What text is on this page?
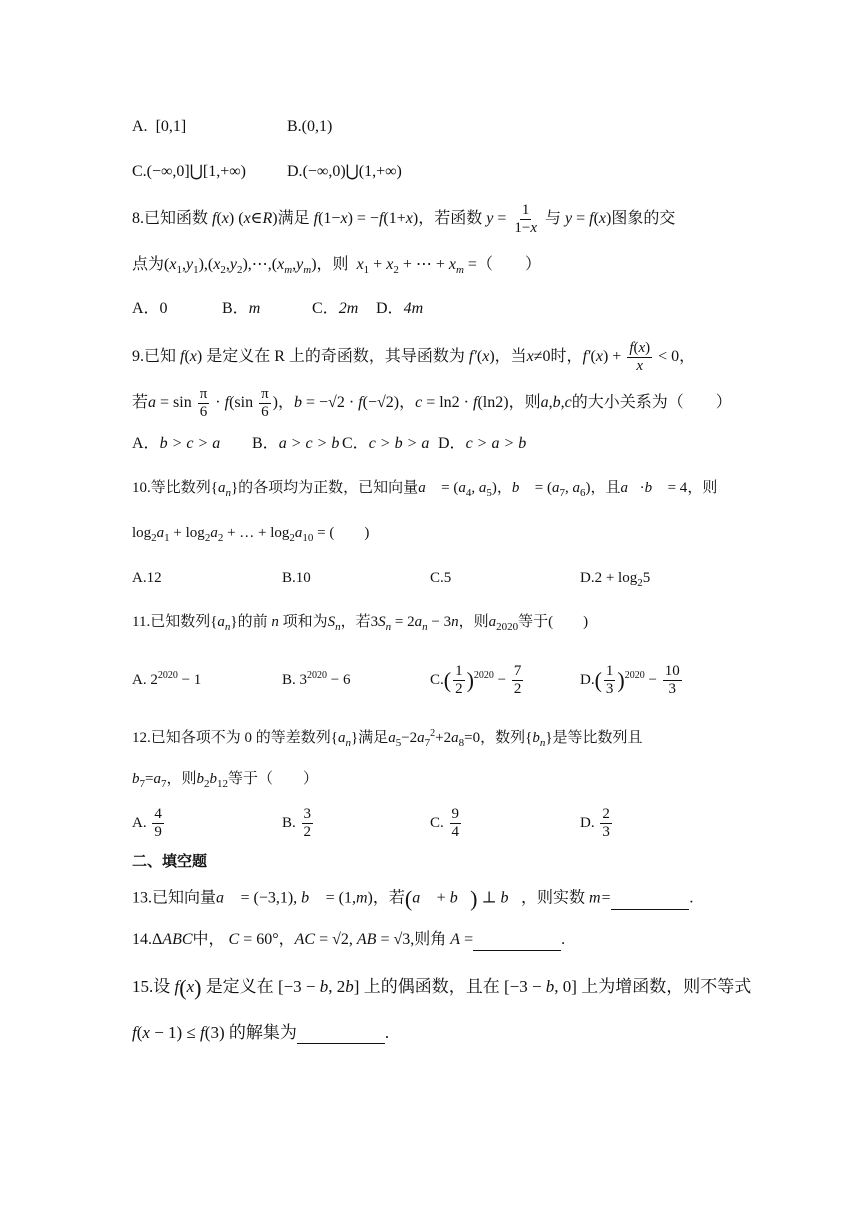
A. [0,1]	B.(0,1)
C.(−∞,0]⋃[1,+∞)	D.(−∞,0)⋃(1,+∞)
8.已知函数 f(x) (x∈R)满足 f(1−x) = −f(1+x)，若函数 $y = \frac{1}{1-x}$ 与 y = f(x)图象的交
点为$(x_1,y_1),(x_2,y_2),\cdots,(x_m,y_m)$，则 $x_1 + x_2$ + ⋯ + $x_m$ =（　　）
A．0	B．m	C．2m D．4m
9.已知 f(x) 是定义在 R 上的奇函数，其导函数为 f′(x)，当x≠0时，$f'(x) + \frac{f(x)}{x} < 0$，
若$a = \sin \frac{\pi}{6} \cdot f(\sin \frac{\pi}{6}$ )，b = −√2 · f(−√2)，c = ln2 · f(ln2)，则a,b,c的大小关系为（　　）
A．b > c > a B．a > c > b C．c > b > a D．c > a > b
10.等比数列$\{a_n\}$的各项均为正数，已知向量a⃗ = ($a_4$, $a_5$)，b⃗ = ($a_7$, $a_6$)，且a⃗·b⃗ = 4，则
$\log_2a_1 + \log_2a_2$ + … + $\log_2a_{10}$ = (　　)
A.12	B.10	C.5	$D.2 + \log_25$
11.已知数列$\{a_n\}$的前 n 项和为$S_n$，若$3S_n = 2a_n - 3n$，则$a_{2020}$等于(　　)
A. $2^{2020} - 1$	B. $3^{2020} - 6$	$C.( \frac{1}{2} )^{2020} - \frac{7}{2}$	$D.( \frac{1}{3} )^{2020} - \frac{10}{3}$
12.已知各项不为 0 的等差数列$\{a_n\}$满足$a_5-2a_7^2+2a_8=0$，数列$\{b_n\}$是等比数列且
$b_7=a_7$，则$b_2b_{12}$等于（　　）
A. $\frac{4}{9}$	B. $\frac{3}{2}$	C. $\frac{9}{4}$	D. $\frac{2}{3}$
二、填空题
13.已知向量a⃗ = (−3,1), b⃗ = (1,m)，若(a⃗ + b⃗) ⊥ b⃗，则实数 m=	.
14.ΔABC中， C = 60°，AC = √2, AB = √3,则角 A =	.
15.设 f(x) 是定义在 [−3 − b, 2b] 上的偶函数，且在 [−3 − b, 0] 上为增函数，则不等式
f(x − 1) ≤ f(3) 的解集为	.
